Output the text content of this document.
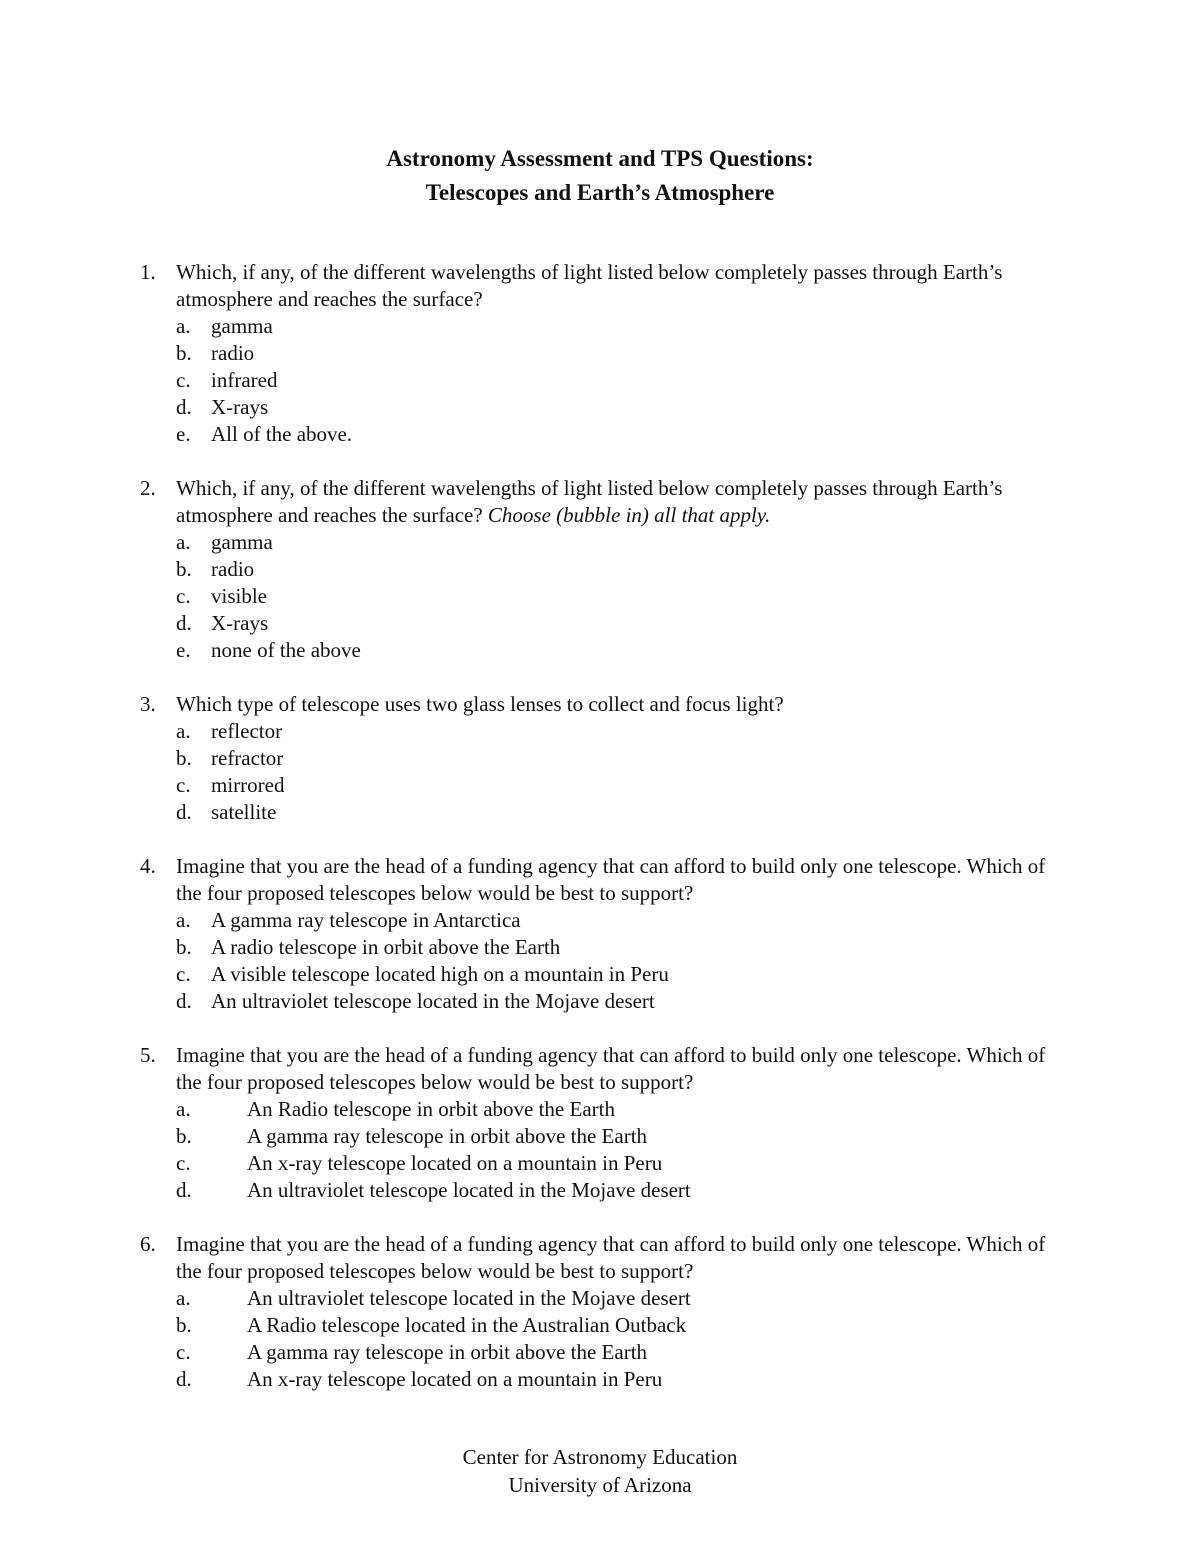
Astronomy Assessment and TPS Questions:
Telescopes and Earth’s Atmosphere
1. Which, if any, of the different wavelengths of light listed below completely passes through Earth’s atmosphere and reaches the surface?
a. gamma
b. radio
c. infrared
d. X-rays
e. All of the above.
2. Which, if any, of the different wavelengths of light listed below completely passes through Earth’s atmosphere and reaches the surface? Choose (bubble in) all that apply.
a. gamma
b. radio
c. visible
d. X-rays
e. none of the above
3. Which type of telescope uses two glass lenses to collect and focus light?
a. reflector
b. refractor
c. mirrored
d. satellite
4. Imagine that you are the head of a funding agency that can afford to build only one telescope. Which of the four proposed telescopes below would be best to support?
a. A gamma ray telescope in Antarctica
b. A radio telescope in orbit above the Earth
c. A visible telescope located high on a mountain in Peru
d. An ultraviolet telescope located in the Mojave desert
5. Imagine that you are the head of a funding agency that can afford to build only one telescope. Which of the four proposed telescopes below would be best to support?
a.	An Radio telescope in orbit above the Earth
b.	A gamma ray telescope in orbit above the Earth
c.	An x-ray telescope located on a mountain in Peru
d.	An ultraviolet telescope located in the Mojave desert
6. Imagine that you are the head of a funding agency that can afford to build only one telescope. Which of the four proposed telescopes below would be best to support?
a.	An ultraviolet telescope located in the Mojave desert
b.	A Radio telescope located in the Australian Outback
c.	A gamma ray telescope in orbit above the Earth
d.	An x-ray telescope located on a mountain in Peru
Center for Astronomy Education
University of Arizona
